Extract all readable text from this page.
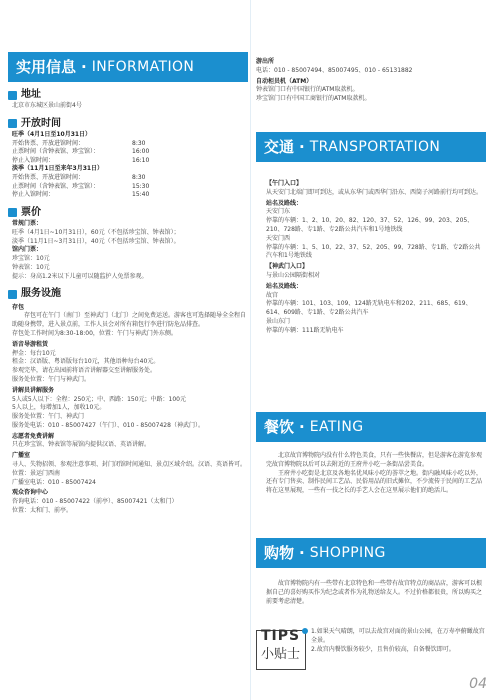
实用信息 · INFORMATION
地址

北京市东城区景山前街4号

开放时间

旺季（4月1日至10月31日）

开始售票、开放进馆时间：	8:30
止票时间（含钟表馆、珍宝馆）：	16:00
停止入馆时间：	16:10

淡季（11月1日至来年3月31日）

开始售票、开放进馆时间：	8:30
止票时间（含钟表馆、珍宝馆）：	15:30
停止入馆时间：	15:40
票价

常规门票：

旺季（4月1日~10月31日），60元（不包括珍宝馆、钟表馆）；

淡季（11月1日~3月31日），40元（不包括珍宝馆、钟表馆）。

馆内门票：

珍宝馆：10元

钟表馆：10元

提示：身高1.2米以下儿童可以随监护人免票参观。

服务设施

存包

存包可在午门（南门）至神武门（北门）之间免费运送。游客也可选择随导全全程自助随身携带，进入景点前，工作人员会对所有箱包行李进行防危品排查。

存包处工作时间为8:30-18:00，位置：午门与神武门外东侧。

语音导游租赁

押金：每台10元

租金：汉语版、粤语版每台10元，其他语种每台40元。

参观完毕，请在出园前将语音讲解器交至讲解服务处。

服务处位置：午门与神武门。

讲解员讲解服务

5人或5人以下：全程：250元；中、西路：150元；中路：100元

5人以上，每增加1人，加收10元。

服务处位置：午门、神武门

服务处电话：010 - 85007427（午门）、010 - 85007428（神武门）。

志愿者免费讲解

只在珍宝馆、钟表馆等展馆内提供汉语、英语讲解。

广播室

寻人、失物招领、参观注意事项、封门闭馆时间通知、景点区域介绍。汉语、英语皆可。

位置：景运门西南

广播室电话：010 - 85007424

观众咨询中心

咨询电话：010 - 85007422（前亭）、85007421（太和门）

位置：太和门、前亭。

游出所

电话：010 - 85007494、85007495、010 - 65131882

自动柜员机（ATM）

钟表馆门口有中国银行的ATM取款机。

珍宝馆门口有中国工商银行的ATM取款机。

交通 · TRANSPORTATION

【午门入口】

从天安门北端门即可到达，或从东华门或西华门沿东、西筒子河路前行均可到达。

站名及路线：

天安门东

停靠的车辆：1、2、10、20、82、120、37、52、126、99、203、205、210、728路、专1路、专2路公共汽车和1号地铁线

天安门西

停靠的车辆：1、5、10、22、37、52、205、99、728路、专1路、专2路公共汽车和1号地铁线

【神武门入口】

与景山公园隔街相对

站名及路线：

故宫

停靠的车辆：101、103、109、124路无轨电车和202、211、685、619、614、609路、专1路、专2路公共汽车

景山东门

停靠的车辆：111路无轨电车

餐饮 · EATING

北京故宫博物院内没有什么特色美食，只有一些快餐店，但是游客在游览参观完故宫博物院以后可以去附近的王府井小吃一条街品尝美食。

王府井小吃街是北京及各地名优风味小吃的荟萃之地。街内融风味小吃以外，还有专门售卖、制作民间工艺品、民俗用品的旧式摊位，不少流传于民间的工艺品将在这里展现，一些有一技之长的手艺人会在这里展示他们的绝活儿。

购物 · SHOPPING

故宫博物院内有一些带有北京特色和一些带有故宫特点的商品店，游客可以根据自己的喜好购买作为纪念或者作为礼物送给友人。不过价格都很贵，所以购买之前要考虑清楚。

TIPS
小贴士

1.如果天气晴朗，可以去故宫对面的景山公园，在万寿亭俯瞰故宫全景。

2.故宫内餐饮服务较少，且售价较高，自备餐饮即可。

04
